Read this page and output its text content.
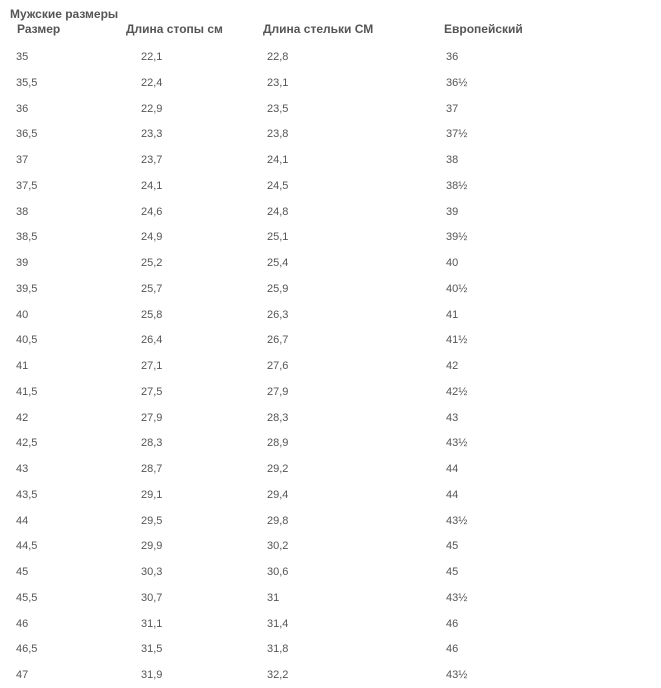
Мужские размеры
Размер	Длина стопы см	Длина стельки СМ	Европейский
35	22,1	22,8	36
35,5	22,4	23,1	36½
36	22,9	23,5	37
36,5	23,3	23,8	37½
37	23,7	24,1	38
37,5	24,1	24,5	38½
38	24,6	24,8	39
38,5	24,9	25,1	39½
39	25,2	25,4	40
39,5	25,7	25,9	40½
40	25,8	26,3	41
40,5	26,4	26,7	41½
41	27,1	27,6	42
41,5	27,5	27,9	42½
42	27,9	28,3	43
42,5	28,3	28,9	43½
43	28,7	29,2	44
43,5	29,1	29,4	44
44	29,5	29,8	43½
44,5	29,9	30,2	45
45	30,3	30,6	45
45,5	30,7	31	43½
46	31,1	31,4	46
46,5	31,5	31,8	46
47	31,9	32,2	43½
